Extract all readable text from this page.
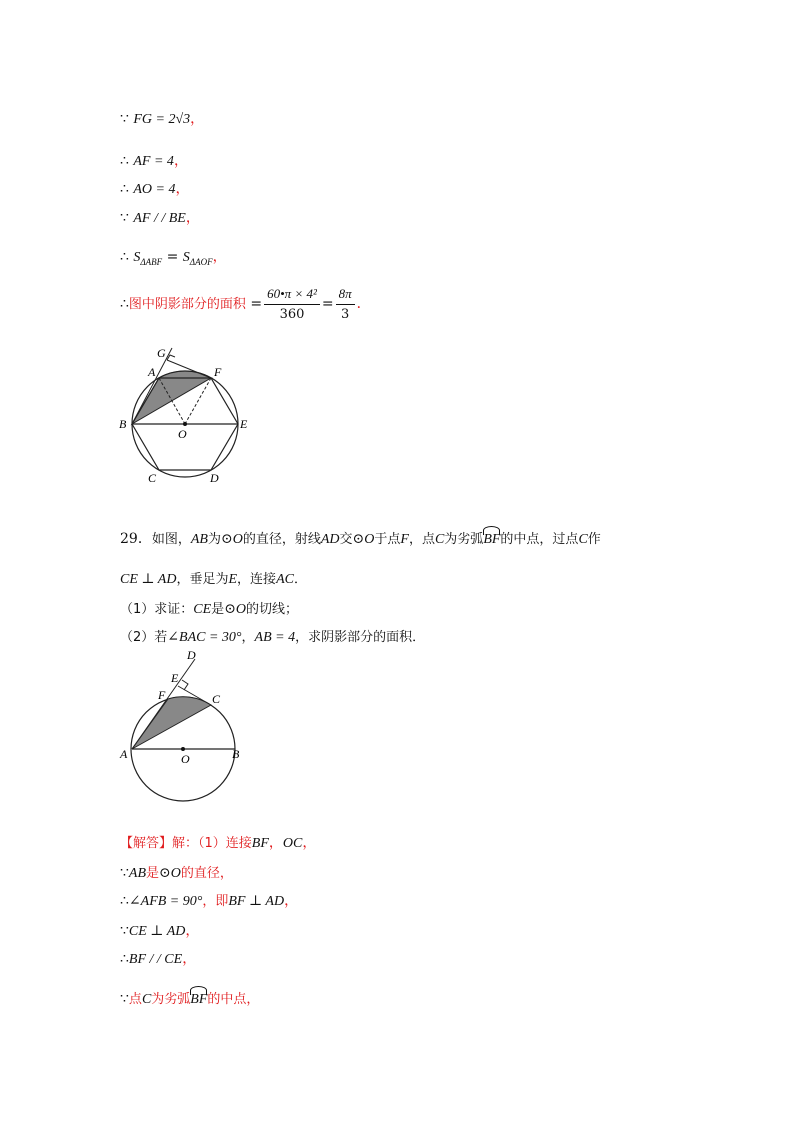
∵ FG = 2√3，
∴ AF = 4，
∴ AO = 4，
∵ AF / / BE，
∴ $S_{\Delta ABF} = S_{\Delta AOF}$，
∴图中阴影部分的面积 = $\frac{\text{60•π × 4²}}{360} = \frac{8\pi}{3}$ ．
G
A	F
B
O
E
C	D
29．如图，AB为⊙O的直径，射线AD交⊙O于点F，点C为劣弧BF的中点，过点C作
CE ⊥ AD，垂足为E，连接AC．
（1）求证：CE是⊙O的切线；
（2）若∠BAC = 30°，AB = 4，求阴影部分的面积．
D
E
F	C
A	O	B
【解答】解：（1）连接BF，OC，
∵AB是⊙O的直径，
∴∠AFB = 90°，即BF ⊥ AD，
∵CE ⊥ AD，
∴BF / / CE，
∵点C为劣弧BF的中点，
